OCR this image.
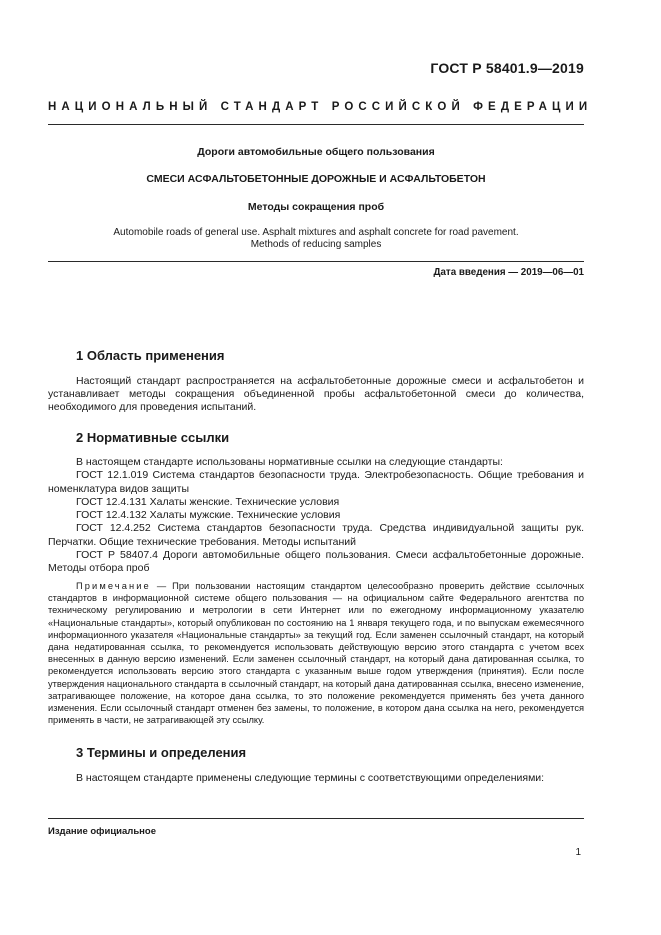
ГОСТ Р 58401.9—2019
НАЦИОНАЛЬНЫЙ СТАНДАРТ РОССИЙСКОЙ ФЕДЕРАЦИИ
Дороги автомобильные общего пользования
СМЕСИ АСФАЛЬТОБЕТОННЫЕ ДОРОЖНЫЕ И АСФАЛЬТОБЕТОН
Методы сокращения проб
Automobile roads of general use. Asphalt mixtures and asphalt concrete for road pavement.
Methods of reducing samples
Дата введения — 2019—06—01
1 Область применения

Настоящий стандарт распространяется на асфальтобетонные дорожные смеси и асфальтобетон и устанавливает методы сокращения объединенной пробы асфальтобетонной смеси до количества, необходимого для проведения испытаний.

2 Нормативные ссылки

В настоящем стандарте использованы нормативные ссылки на следующие стандарты:

ГОСТ 12.1.019 Система стандартов безопасности труда. Электробезопасность. Общие требования и номенклатура видов защиты

ГОСТ 12.4.131 Халаты женские. Технические условия

ГОСТ 12.4.132 Халаты мужские. Технические условия

ГОСТ 12.4.252 Система стандартов безопасности труда. Средства индивидуальной защиты рук. Перчатки. Общие технические требования. Методы испытаний

ГОСТ Р 58407.4 Дороги автомобильные общего пользования. Смеси асфальтобетонные дорожные. Методы отбора проб

Примечание — При пользовании настоящим стандартом целесообразно проверить действие ссылочных стандартов в информационной системе общего пользования — на официальном сайте Федерального агентства по техническому регулированию и метрологии в сети Интернет или по ежегодному информационному указателю «Национальные стандарты», который опубликован по состоянию на 1 января текущего года, и по выпускам ежемесячного информационного указателя «Национальные стандарты» за текущий год. Если заменен ссылочный стандарт, на который дана недатированная ссылка, то рекомендуется использовать действующую версию этого стандарта с учетом всех внесенных в данную версию изменений. Если заменен ссылочный стандарт, на который дана датированная ссылка, то рекомендуется использовать версию этого стандарта с указанным выше годом утверждения (принятия). Если после утверждения национального стандарта в ссылочный стандарт, на который дана датированная ссылка, внесено изменение, затрагивающее положение, на которое дана ссылка, то это положение рекомендуется применять без учета данного изменения. Если ссылочный стандарт отменен без замены, то положение, в котором дана ссылка на него, рекомендуется применять в части, не затрагивающей эту ссылку.

3 Термины и определения

В настоящем стандарте применены следующие термины с соответствующими определениями:

Издание официальное
1
